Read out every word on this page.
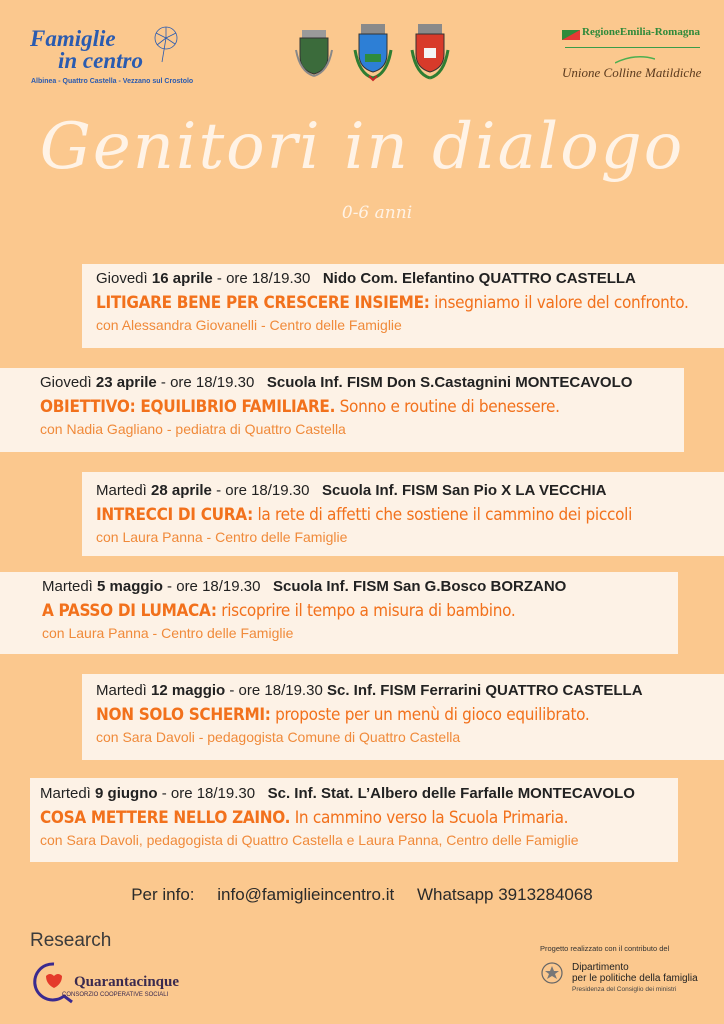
Famiglie
in centro
Albinea - Quattro Castella - Vezzano sul Crostolo
RegioneEmilia-Romagna
Unione Colline Matildiche
Genitori in dialogo
0-6 anni
Giovedì 16 aprile - ore 18/19.30 Nido Com. Elefantino QUATTRO CASTELLA
LITIGARE BENE PER CRESCERE INSIEME: insegniamo il valore del confronto.
con Alessandra Giovanelli - Centro delle Famiglie
Giovedì 23 aprile - ore 18/19.30 Scuola Inf. FISM Don S.Castagnini MONTECAVOLO
OBIETTIVO: EQUILIBRIO FAMILIARE. Sonno e routine di benessere.
con Nadia Gagliano - pediatra di Quattro Castella
Martedì 28 aprile - ore 18/19.30 Scuola Inf. FISM San Pio X LA VECCHIA
INTRECCI DI CURA: la rete di affetti che sostiene il cammino dei piccoli
con Laura Panna - Centro delle Famiglie
Martedì 5 maggio - ore 18/19.30 Scuola Inf. FISM San G.Bosco BORZANO
A PASSO DI LUMACA: riscoprire il tempo a misura di bambino.
con Laura Panna - Centro delle Famiglie
Martedì 12 maggio - ore 18/19.30 Sc. Inf. FISM Ferrarini QUATTRO CASTELLA
NON SOLO SCHERMI: proposte per un menù di gioco equilibrato.
con Sara Davoli - pedagogista Comune di Quattro Castella
Martedì 9 giugno - ore 18/19.30 Sc. Inf. Stat. L’Albero delle Farfalle MONTECAVOLO
COSA METTERE NELLO ZAINO. In cammino verso la Scuola Primaria.
con Sara Davoli, pedagogista di Quattro Castella e Laura Panna, Centro delle Famiglie
Per info: info@famiglieincentro.it Whatsapp 3913284068
Research
Quarantacinque
CONSORZIO COOPERATIVE SOCIALI
Progetto realizzato con il contributo del
Dipartimento
per le politiche della famiglia
Presidenza del Consiglio dei ministri
